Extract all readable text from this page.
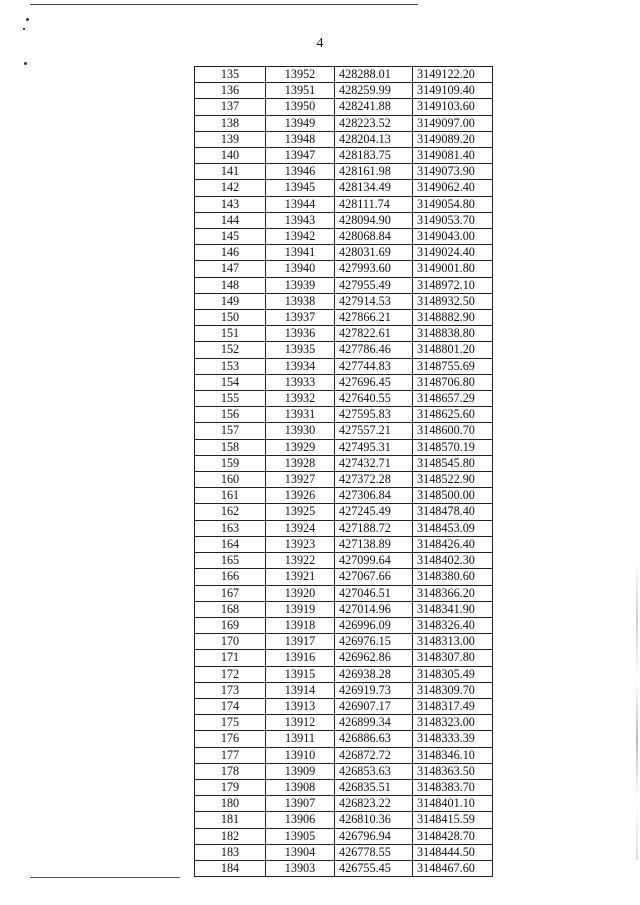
4
135	13952	428288.01	3149122.20
136	13951	428259.99	3149109.40
137	13950	428241.88	3149103.60
138	13949	428223.52	3149097.00
139	13948	428204.13	3149089.20
140	13947	428183.75	3149081.40
141	13946	428161.98	3149073.90
142	13945	428134.49	3149062.40
143	13944	428111.74	3149054.80
144	13943	428094.90	3149053.70
145	13942	428068.84	3149043.00
146	13941	428031.69	3149024.40
147	13940	427993.60	3149001.80
148	13939	427955.49	3148972.10
149	13938	427914.53	3148932.50
150	13937	427866.21	3148882.90
151	13936	427822.61	3148838.80
152	13935	427786.46	3148801.20
153	13934	427744.83	3148755.69
154	13933	427696.45	3148706.80
155	13932	427640.55	3148657.29
156	13931	427595.83	3148625.60
157	13930	427557.21	3148600.70
158	13929	427495.31	3148570.19
159	13928	427432.71	3148545.80
160	13927	427372.28	3148522.90
161	13926	427306.84	3148500.00
162	13925	427245.49	3148478.40
163	13924	427188.72	3148453.09
164	13923	427138.89	3148426.40
165	13922	427099.64	3148402.30
166	13921	427067.66	3148380.60
167	13920	427046.51	3148366.20
168	13919	427014.96	3148341.90
169	13918	426996.09	3148326.40
170	13917	426976.15	3148313.00
171	13916	426962.86	3148307.80
172	13915	426938.28	3148305.49
173	13914	426919.73	3148309.70
174	13913	426907.17	3148317.49
175	13912	426899.34	3148323.00
176	13911	426886.63	3148333.39
177	13910	426872.72	3148346.10
178	13909	426853.63	3148363.50
179	13908	426835.51	3148383.70
180	13907	426823.22	3148401.10
181	13906	426810.36	3148415.59
182	13905	426796.94	3148428.70
183	13904	426778.55	3148444.50
184	13903	426755.45	3148467.60
